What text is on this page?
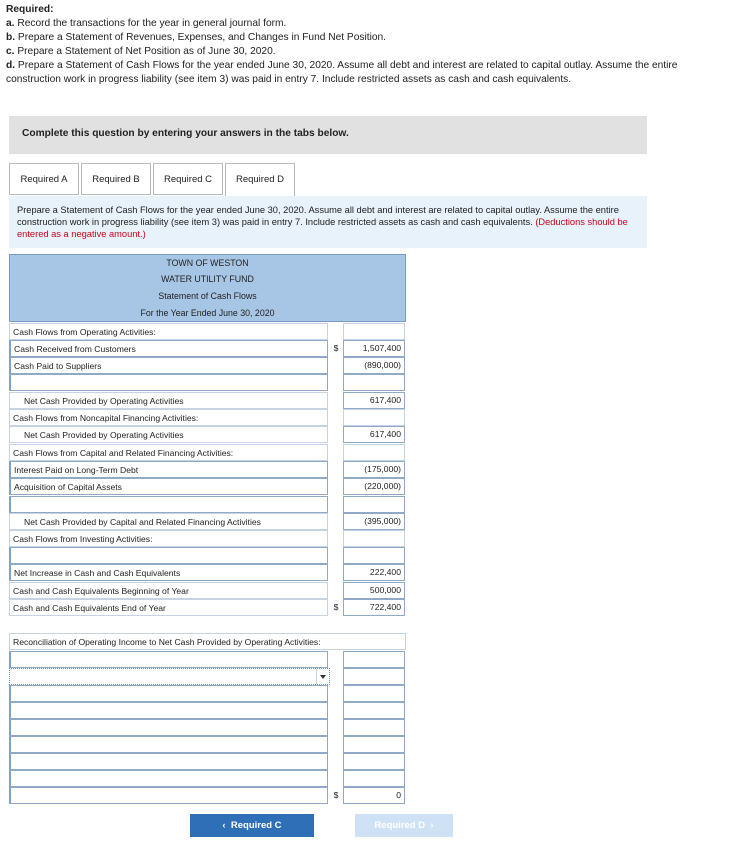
Required:
a. Record the transactions for the year in general journal form.
b. Prepare a Statement of Revenues, Expenses, and Changes in Fund Net Position.
c. Prepare a Statement of Net Position as of June 30, 2020.
d. Prepare a Statement of Cash Flows for the year ended June 30, 2020. Assume all debt and interest are related to capital outlay. Assume the entire construction work in progress liability (see item 3) was paid in entry 7. Include restricted assets as cash and cash equivalents.
Complete this question by entering your answers in the tabs below.
Required A	Required B	Required C	Required D
Prepare a Statement of Cash Flows for the year ended June 30, 2020. Assume all debt and interest are related to capital outlay. Assume the entire construction work in progress liability (see item 3) was paid in entry 7. Include restricted assets as cash and cash equivalents. (Deductions should be entered as a negative amount.)
TOWN OF WESTON
WATER UTILITY FUND
Statement of Cash Flows
For the Year Ended June 30, 2020
Cash Flows from Operating Activities:
Cash Received from Customers	$	1,507,400
Cash Paid to Suppliers	(890,000)
Net Cash Provided by Operating Activities	617,400
Cash Flows from Noncapital Financing Activities:
Net Cash Provided by Operating Activities	617,400
Cash Flows from Capital and Related Financing Activities:
Interest Paid on Long-Term Debt	(175,000)
Acquisition of Capital Assets	(220,000)
Net Cash Provided by Capital and Related Financing Activities	(395,000)
Cash Flows from Investing Activities:
Net Increase in Cash and Cash Equivalents	222,400
Cash and Cash Equivalents Beginning of Year	500,000
Cash and Cash Equivalents End of Year	$	722,400
Reconciliation of Operating Income to Net Cash Provided by Operating Activities:
$	0
‹ Required C	Required D ›
